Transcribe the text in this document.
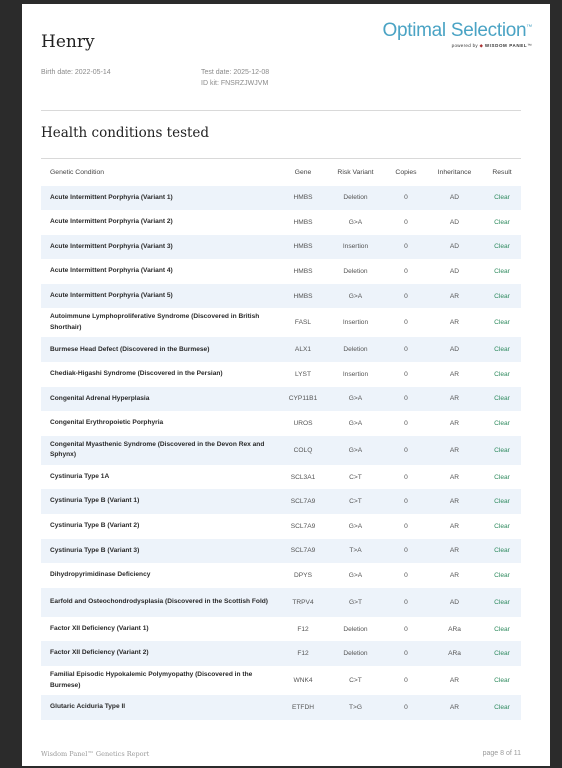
Henry
Optimal Selection™
powered by ◆ WISDOM PANEL™
Birth date: 2022-05-14	Test date: 2025-12-08
ID kit: FNSRZJWJVM
Health conditions tested
Genetic Condition	Gene	Risk Variant	Copies	Inheritance	Result
Acute Intermittent Porphyria (Variant 1)	HMBS	Deletion	0	AD	Clear
Acute Intermittent Porphyria (Variant 2)	HMBS	G>A	0	AD	Clear
Acute Intermittent Porphyria (Variant 3)	HMBS	Insertion	0	AD	Clear
Acute Intermittent Porphyria (Variant 4)	HMBS	Deletion	0	AD	Clear
Acute Intermittent Porphyria (Variant 5)	HMBS	G>A	0	AR	Clear
Autoimmune Lymphoproliferative Syndrome (Discovered in British Shorthair)	FASL	Insertion	0	AR	Clear
Burmese Head Defect (Discovered in the Burmese)	ALX1	Deletion	0	AD	Clear
Chediak-Higashi Syndrome (Discovered in the Persian)	LYST	Insertion	0	AR	Clear
Congenital Adrenal Hyperplasia	CYP11B1	G>A	0	AR	Clear
Congenital Erythropoietic Porphyria	UROS	G>A	0	AR	Clear
Congenital Myasthenic Syndrome (Discovered in the Devon Rex and Sphynx)	COLQ	G>A	0	AR	Clear
Cystinuria Type 1A	SCL3A1	C>T	0	AR	Clear
Cystinuria Type B (Variant 1)	SCL7A9	C>T	0	AR	Clear
Cystinuria Type B (Variant 2)	SCL7A9	G>A	0	AR	Clear
Cystinuria Type B (Variant 3)	SCL7A9	T>A	0	AR	Clear
Dihydropyrimidinase Deficiency	DPYS	G>A	0	AR	Clear
Earfold and Osteochondrodysplasia (Discovered in the Scottish Fold)	TRPV4	G>T	0	AD	Clear
Factor XII Deficiency (Variant 1)	F12	Deletion	0	ARa	Clear
Factor XII Deficiency (Variant 2)	F12	Deletion	0	ARa	Clear
Familial Episodic Hypokalemic Polymyopathy (Discovered in the Burmese)	WNK4	C>T	0	AR	Clear
Glutaric Aciduria Type II	ETFDH	T>G	0	AR	Clear
Wisdom Panel™ Genetics Report	page 8 of 11
